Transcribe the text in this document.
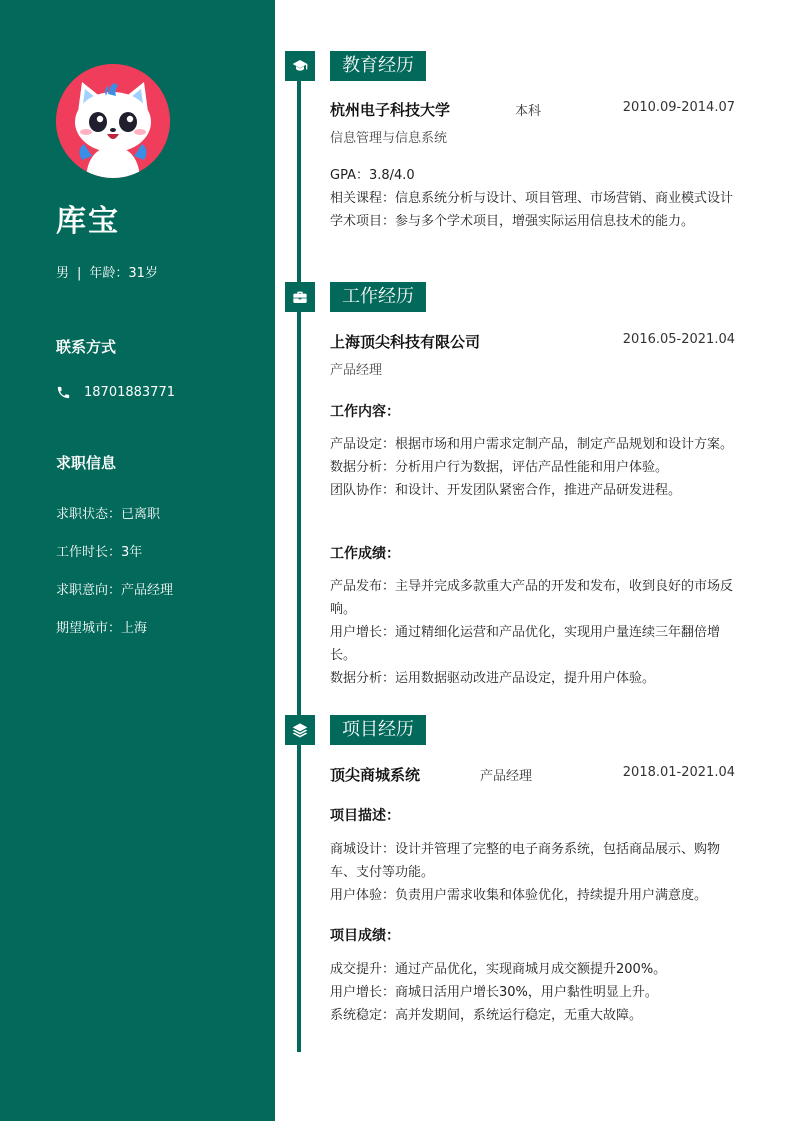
库宝
男 | 年龄：31岁
联系方式
18701883771
求职信息
求职状态：已离职
工作时长：3年
求职意向：产品经理
期望城市：上海
教育经历
杭州电子科技大学	本科	2010.09-2014.07
信息管理与信息系统
GPA：3.8/4.0
相关课程：信息系统分析与设计、项目管理、市场营销、商业模式设计
学术项目：参与多个学术项目，增强实际运用信息技术的能力。
工作经历
上海顶尖科技有限公司	2016.05-2021.04
产品经理
工作内容：
产品设定：根据市场和用户需求定制产品，制定产品规划和设计方案。
数据分析：分析用户行为数据，评估产品性能和用户体验。
团队协作：和设计、开发团队紧密合作，推进产品研发进程。
工作成绩：
产品发布：主导并完成多款重大产品的开发和发布，收到良好的市场反响。
用户增长：通过精细化运营和产品优化，实现用户量连续三年翻倍增长。
数据分析：运用数据驱动改进产品设定，提升用户体验。
项目经历
顶尖商城系统	产品经理	2018.01-2021.04
项目描述：
商城设计：设计并管理了完整的电子商务系统，包括商品展示、购物车、支付等功能。
用户体验：负责用户需求收集和体验优化，持续提升用户满意度。
项目成绩：
成交提升：通过产品优化，实现商城月成交额提升200%。
用户增长：商城日活用户增长30%，用户黏性明显上升。
系统稳定：高并发期间，系统运行稳定，无重大故障。
